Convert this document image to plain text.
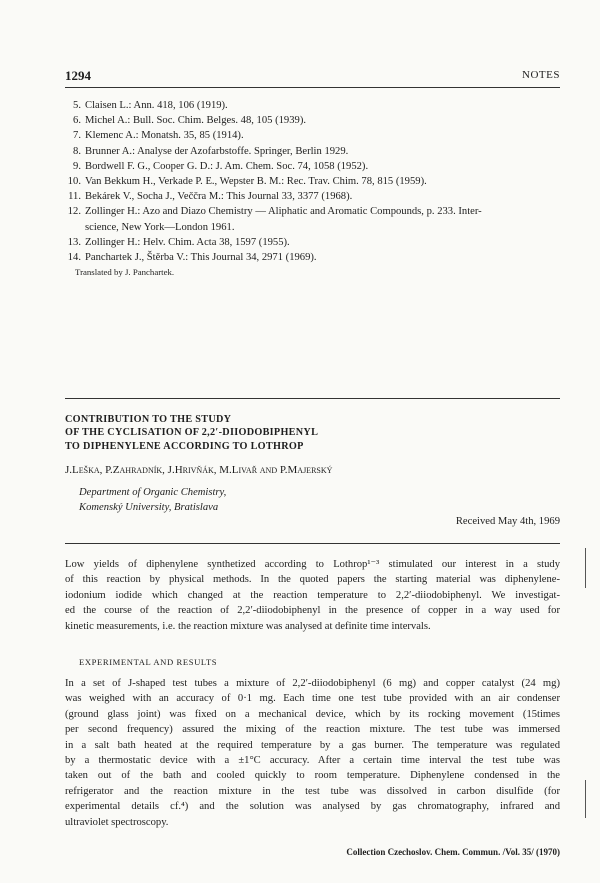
1294	NOTES
5. Claisen L.: Ann. 418, 106 (1919).
6. Michel A.: Bull. Soc. Chim. Belges. 48, 105 (1939).
7. Klemenc A.: Monatsh. 35, 85 (1914).
8. Brunner A.: Analyse der Azofarbstoffe. Springer, Berlin 1929.
9. Bordwell F. G., Cooper G. D.: J. Am. Chem. Soc. 74, 1058 (1952).
10. Van Bekkum H., Verkade P. E., Wepster B. M.: Rec. Trav. Chim. 78, 815 (1959).
11. Bekárek V., Socha J., Veččra M.: This Journal 33, 3377 (1968).
12. Zollinger H.: Azo and Diazo Chemistry — Aliphatic and Aromatic Compounds, p. 233. Inter-
science, New York—London 1961.
13. Zollinger H.: Helv. Chim. Acta 38, 1597 (1955).
14. Panchartek J., Štěrba V.: This Journal 34, 2971 (1969).
Translated by J. Panchartek.
CONTRIBUTION TO THE STUDY
OF THE CYCLISATION OF 2,2′-DIIODOBIPHENYL
TO DIPHENYLENE ACCORDING TO LOTHROP
J.Leška, P.Zahradník, J.Hrivňák, M.Livař and P.Majerský
Department of Organic Chemistry,
Komenský University, Bratislava
Received May 4th, 1969

Low yields of diphenylene synthetized according to Lothrop¹⁻³ stimulated our interest in a study
of this reaction by physical methods. In the quoted papers the starting material was diphenylene-
iodonium iodide which changed at the reaction temperature to 2,2′-diiodobiphenyl. We investigat-
ed the course of the reaction of 2,2′-diiodobiphenyl in the presence of copper in a way used for
kinetic measurements, i.e. the reaction mixture was analysed at definite time intervals.

EXPERIMENTAL AND RESULTS

In a set of J-shaped test tubes a mixture of 2,2′-diiodobiphenyl (6 mg) and copper catalyst (24 mg)
was weighed with an accuracy of 0·1 mg. Each time one test tube provided with an air condenser
(ground glass joint) was fixed on a mechanical device, which by its rocking movement (15times
per second frequency) assured the mixing of the reaction mixture. The test tube was immersed
in a salt bath heated at the required temperature by a gas burner. The temperature was regulated
by a thermostatic device with a ±1°C accuracy. After a certain time interval the test tube was
taken out of the bath and cooled quickly to room temperature. Diphenylene condensed in the
refrigerator and the reaction mixture in the test tube was dissolved in carbon disulfide (for
experimental details cf.⁴) and the solution was analysed by gas chromatography, infrared and
ultraviolet spectroscopy.

Collection Czechoslov. Chem. Commun. /Vol. 35/ (1970)
